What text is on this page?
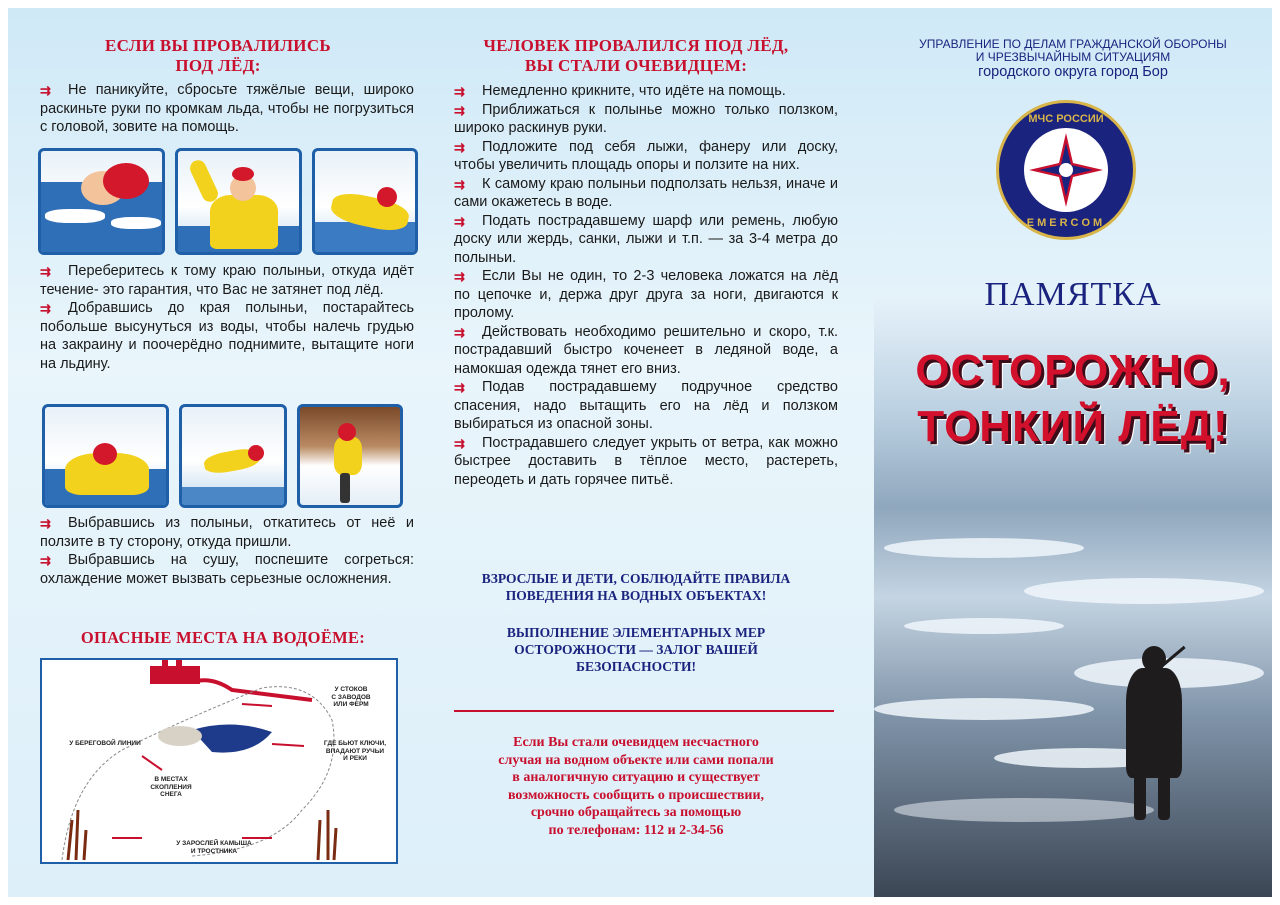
ЕСЛИ ВЫ ПРОВАЛИЛИСЬ
ПОД ЛЁД:

⇉ Не паникуйте, сбросьте тяжёлые вещи, широко раскиньте руки по кромкам льда, чтобы не погрузиться с головой, зовите на помощь.

⇉ Переберитесь к тому краю полыньи, откуда идёт течение- это гарантия, что Вас не затянет под лёд.

⇉ Добравшись до края полыньи, постарайтесь побольше высунуться из воды, чтобы налечь грудью на закраину и поочерёдно поднимите, вытащите ноги на льдину.

⇉ Выбравшись из полыньи, откатитесь от неё и ползите в ту сторону, откуда пришли.

⇉ Выбравшись на сушу, поспешите согреться: охлаждение может вызвать серьезные осложнения.

ОПАСНЫЕ МЕСТА НА ВОДОЁМЕ:
У СТОКОВ
С ЗАВОДОВ
ИЛИ ФЕРМ
У БЕРЕГОВОЙ ЛИНИИ	ГДЕ БЬЮТ КЛЮЧИ,
ВПАДАЮТ РУЧЬИ
И РЕКИ
В МЕСТАХ
СКОПЛЕНИЯ
СНЕГА
У ЗАРОСЛЕЙ КАМЫША
И ТРОСТНИКА
ЧЕЛОВЕК ПРОВАЛИЛСЯ ПОД ЛЁД,
ВЫ СТАЛИ ОЧЕВИДЦЕМ:

⇉ Немедленно крикните, что идёте на помощь.

⇉ Приближаться к полынье можно только ползком, широко раскинув руки.

⇉ Подложите под себя лыжи, фанеру или доску, чтобы увеличить площадь опоры и ползите на них.

⇉ К самому краю полыньи подползать нельзя, иначе и сами окажетесь в воде.

⇉ Подать пострадавшему шарф или ремень, любую доску или жердь, санки, лыжи и т.п. — за 3-4 метра до полыньи.

⇉ Если Вы не один, то 2-3 человека ложатся на лёд по цепочке и, держа друг друга за ноги, двигаются к пролому.

⇉ Действовать необходимо решительно и скоро, т.к. пострадавший быстро коченеет в ледяной воде, а намокшая одежда тянет его вниз.

⇉ Подав пострадавшему подручное средство спасения, надо вытащить его на лёд и ползком выбираться из опасной зоны.

⇉ Пострадавшего следует укрыть от ветра, как можно быстрее доставить в тёплое место, растереть, переодеть и дать горячее питьё.

ВЗРОСЛЫЕ И ДЕТИ, СОБЛЮДАЙТЕ ПРАВИЛА
ПОВЕДЕНИЯ НА ВОДНЫХ ОБЪЕКТАХ!
ВЫПОЛНЕНИЕ ЭЛЕМЕНТАРНЫХ МЕР
ОСТОРОЖНОСТИ — ЗАЛОГ ВАШЕЙ
БЕЗОПАСНОСТИ!
Если Вы стали очевидцем несчастного
случая на водном объекте или сами попали
в аналогичную ситуацию и существует
возможность сообщить о происшествии,
срочно обращайтесь за помощью
по телефонам: 112 и 2-34-56
УПРАВЛЕНИЕ ПО ДЕЛАМ ГРАЖДАНСКОЙ ОБОРОНЫ
И ЧРЕЗВЫЧАЙНЫМ СИТУАЦИЯМ
городского округа город Бор
МЧС РОССИИ
EMERCOM
ПАМЯТКА
ОСТОРОЖНО,
ТОНКИЙ ЛЁД!
